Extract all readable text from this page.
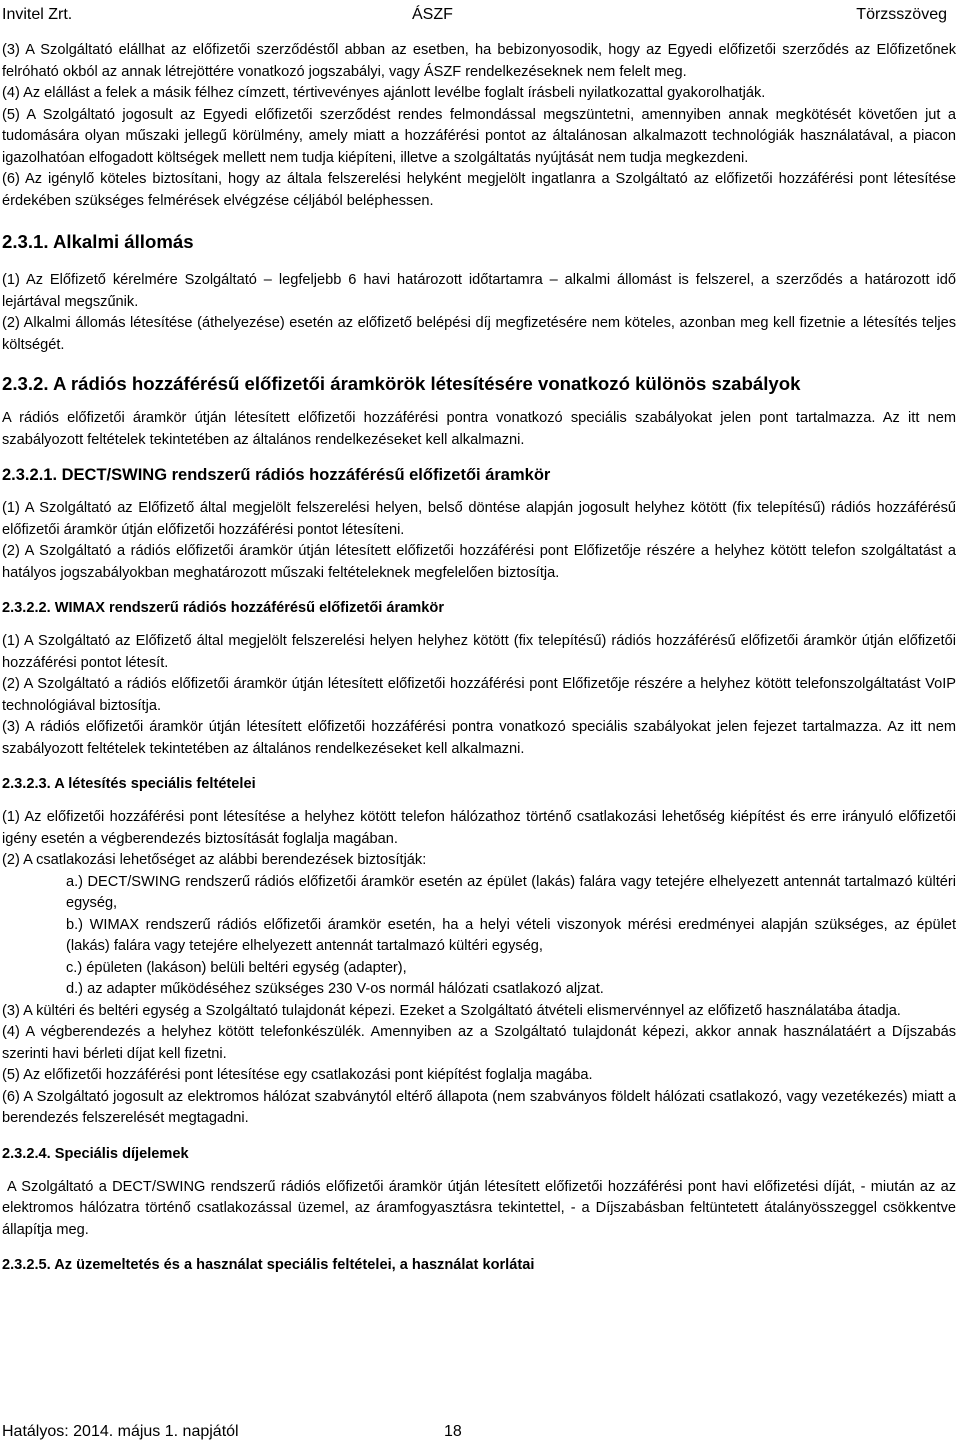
Invitel Zrt.	ÁSZF	Törzsszöveg

(3) A Szolgáltató elállhat az előfizetői szerződéstől abban az esetben, ha bebizonyosodik, hogy az Egyedi előfizetői szerződés az Előfizetőnek felróható okból az annak létrejöttére vonatkozó jogszabályi, vagy ÁSZF rendelkezéseknek nem felelt meg.

(4) Az elállást a felek a másik félhez címzett, tértivevényes ajánlott levélbe foglalt írásbeli nyilatkozattal gyakorolhatják.

(5) A Szolgáltató jogosult az Egyedi előfizetői szerződést rendes felmondással megszüntetni, amennyiben annak megkötését követően jut a tudomására olyan műszaki jellegű körülmény, amely miatt a hozzáférési pontot az általánosan alkalmazott technológiák használatával, a piacon igazolhatóan elfogadott költségek mellett nem tudja kiépíteni, illetve a szolgáltatás nyújtását nem tudja megkezdeni.

(6) Az igénylő köteles biztosítani, hogy az általa felszerelési helyként megjelölt ingatlanra a Szolgáltató az előfizetői hozzáférési pont létesítése érdekében szükséges felmérések elvégzése céljából beléphessen.

2.3.1. Alkalmi állomás

(1) Az Előfizető kérelmére Szolgáltató – legfeljebb 6 havi határozott időtartamra – alkalmi állomást is felszerel, a szerződés a határozott idő lejártával megszűnik.

(2) Alkalmi állomás létesítése (áthelyezése) esetén az előfizető belépési díj megfizetésére nem köteles, azonban meg kell fizetnie a létesítés teljes költségét.

2.3.2. A rádiós hozzáférésű előfizetői áramkörök létesítésére vonatkozó különös szabályok

A rádiós előfizetői áramkör útján létesített előfizetői hozzáférési pontra vonatkozó speciális szabályokat jelen pont tartalmazza. Az itt nem szabályozott feltételek tekintetében az általános rendelkezéseket kell alkalmazni.

2.3.2.1. DECT/SWING rendszerű rádiós hozzáférésű előfizetői áramkör

(1) A Szolgáltató az Előfizető által megjelölt felszerelési helyen, belső döntése alapján jogosult helyhez kötött (fix telepítésű) rádiós hozzáférésű előfizetői áramkör útján előfizetői hozzáférési pontot létesíteni.

(2) A Szolgáltató a rádiós előfizetői áramkör útján létesített előfizetői hozzáférési pont Előfizetője részére a helyhez kötött telefon szolgáltatást a hatályos jogszabályokban meghatározott műszaki feltételeknek megfelelően biztosítja.

2.3.2.2. WIMAX rendszerű rádiós hozzáférésű előfizetői áramkör

(1) A Szolgáltató az Előfizető által megjelölt felszerelési helyen helyhez kötött (fix telepítésű) rádiós hozzáférésű előfizetői áramkör útján előfizetői hozzáférési pontot létesít.

(2) A Szolgáltató a rádiós előfizetői áramkör útján létesített előfizetői hozzáférési pont Előfizetője részére a helyhez kötött telefonszolgáltatást VoIP technológiával biztosítja.

(3) A rádiós előfizetői áramkör útján létesített előfizetői hozzáférési pontra vonatkozó speciális szabályokat jelen fejezet tartalmazza. Az itt nem szabályozott feltételek tekintetében az általános rendelkezéseket kell alkalmazni.

2.3.2.3. A létesítés speciális feltételei

(1) Az előfizetői hozzáférési pont létesítése a helyhez kötött telefon hálózathoz történő csatlakozási lehetőség kiépítést és erre irányuló előfizetői igény esetén a végberendezés biztosítását foglalja magában.

(2) A csatlakozási lehetőséget az alábbi berendezések biztosítják:

a.) DECT/SWING rendszerű rádiós előfizetői áramkör esetén az épület (lakás) falára vagy tetejére elhelyezett antennát tartalmazó kültéri egység,

b.) WIMAX rendszerű rádiós előfizetői áramkör esetén, ha a helyi vételi viszonyok mérési eredményei alapján szükséges, az épület (lakás) falára vagy tetejére elhelyezett antennát tartalmazó kültéri egység,

c.) épületen (lakáson) belüli beltéri egység (adapter),

d.) az adapter működéséhez szükséges 230 V-os normál hálózati csatlakozó aljzat.

(3) A kültéri és beltéri egység a Szolgáltató tulajdonát képezi. Ezeket a Szolgáltató átvételi elismervénnyel az előfizető használatába átadja.

(4) A végberendezés a helyhez kötött telefonkészülék. Amennyiben az a Szolgáltató tulajdonát képezi, akkor annak használatáért a Díjszabás szerinti havi bérleti díjat kell fizetni.

(5) Az előfizetői hozzáférési pont létesítése egy csatlakozási pont kiépítést foglalja magába.

(6) A Szolgáltató jogosult az elektromos hálózat szabványtól eltérő állapota (nem szabványos földelt hálózati csatlakozó, vagy vezetékezés) miatt a berendezés felszerelését megtagadni.

2.3.2.4. Speciális díjelemek

A Szolgáltató a DECT/SWING rendszerű rádiós előfizetői áramkör útján létesített előfizetői hozzáférési pont havi előfizetési díját, - miután az az elektromos hálózatra történő csatlakozással üzemel, az áramfogyasztásra tekintettel, - a Díjszabásban feltüntetett átalányösszeggel csökkentve állapítja meg.

2.3.2.5. Az üzemeltetés és a használat speciális feltételei, a használat korlátai
Hatályos: 2014. május 1. napjától	18
